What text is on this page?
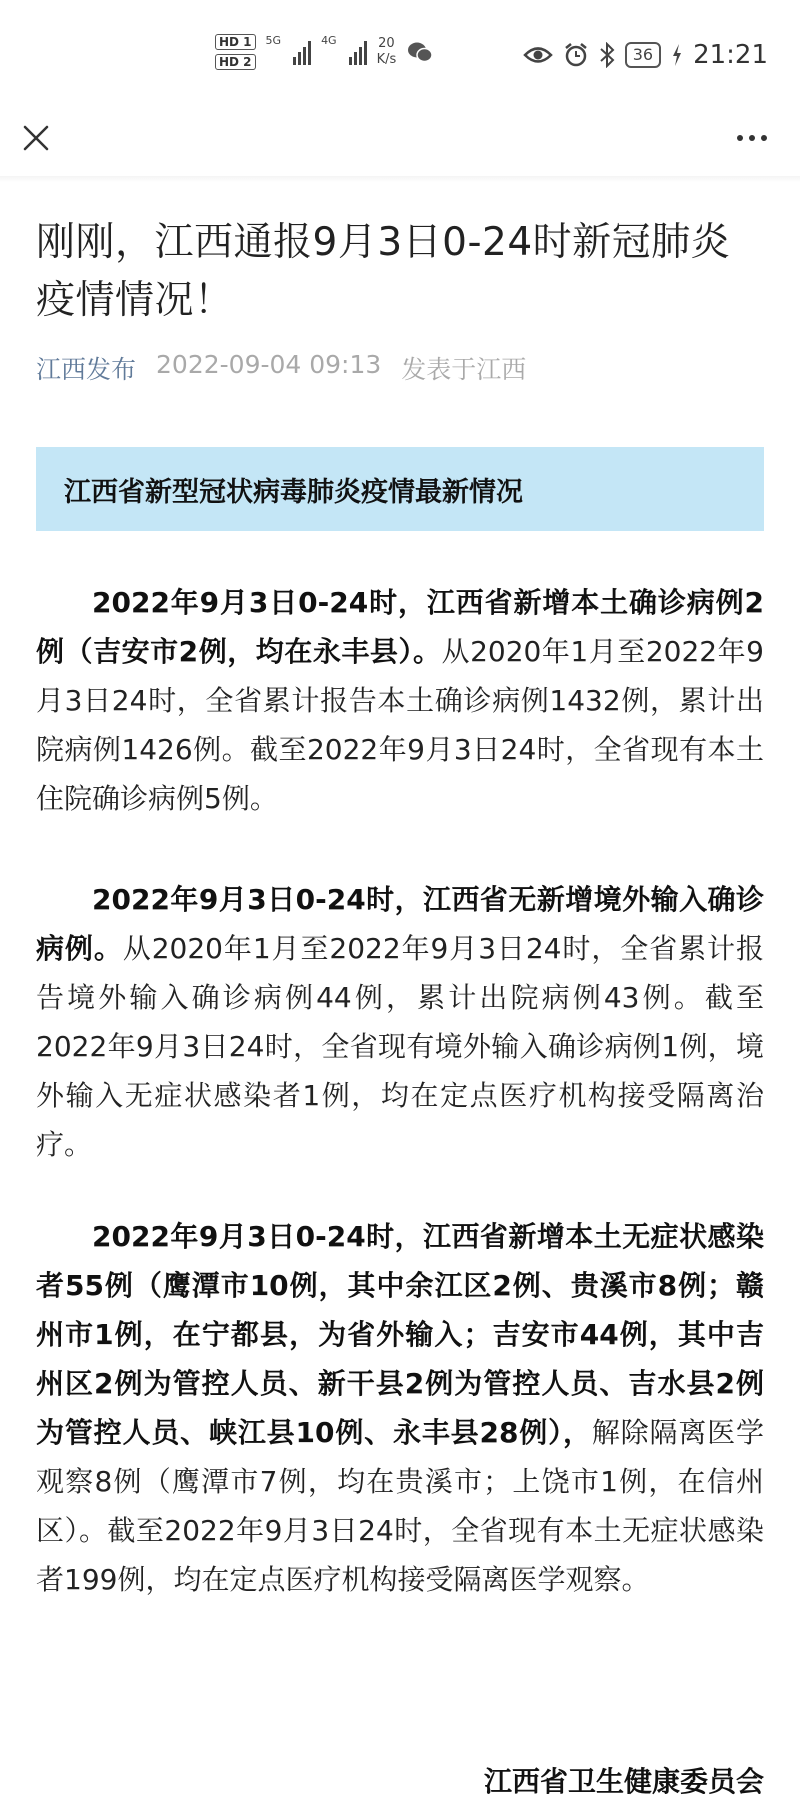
HD 1
HD 2
5G	4G	20
K/s	36	21:21
刚刚，江西通报9月3日0-24时新冠肺炎疫情情况！
江西发布 2022-09-04 09:13 发表于江西
江西省新型冠状病毒肺炎疫情最新情况

2022年9月3日0-24时，江西省新增本土确诊病例2例（吉安市2例，均在永丰县）。从2020年1月至2022年9月3日24时，全省累计报告本土确诊病例1432例，累计出院病例1426例。截至2022年9月3日24时，全省现有本土住院确诊病例5例。

2022年9月3日0-24时，江西省无新增境外输入确诊病例。从2020年1月至2022年9月3日24时，全省累计报告境外输入确诊病例44例，累计出院病例43例。截至2022年9月3日24时，全省现有境外输入确诊病例1例，境外输入无症状感染者1例，均在定点医疗机构接受隔离治疗。

2022年9月3日0-24时，江西省新增本土无症状感染者55例（鹰潭市10例，其中余江区2例、贵溪市8例；赣州市1例，在宁都县，为省外输入；吉安市44例，其中吉州区2例为管控人员、新干县2例为管控人员、吉水县2例为管控人员、峡江县10例、永丰县28例），解除隔离医学观察8例（鹰潭市7例，均在贵溪市；上饶市1例，在信州区）。截至2022年9月3日24时，全省现有本土无症状感染者199例，均在定点医疗机构接受隔离医学观察。

江西省卫生健康委员会
